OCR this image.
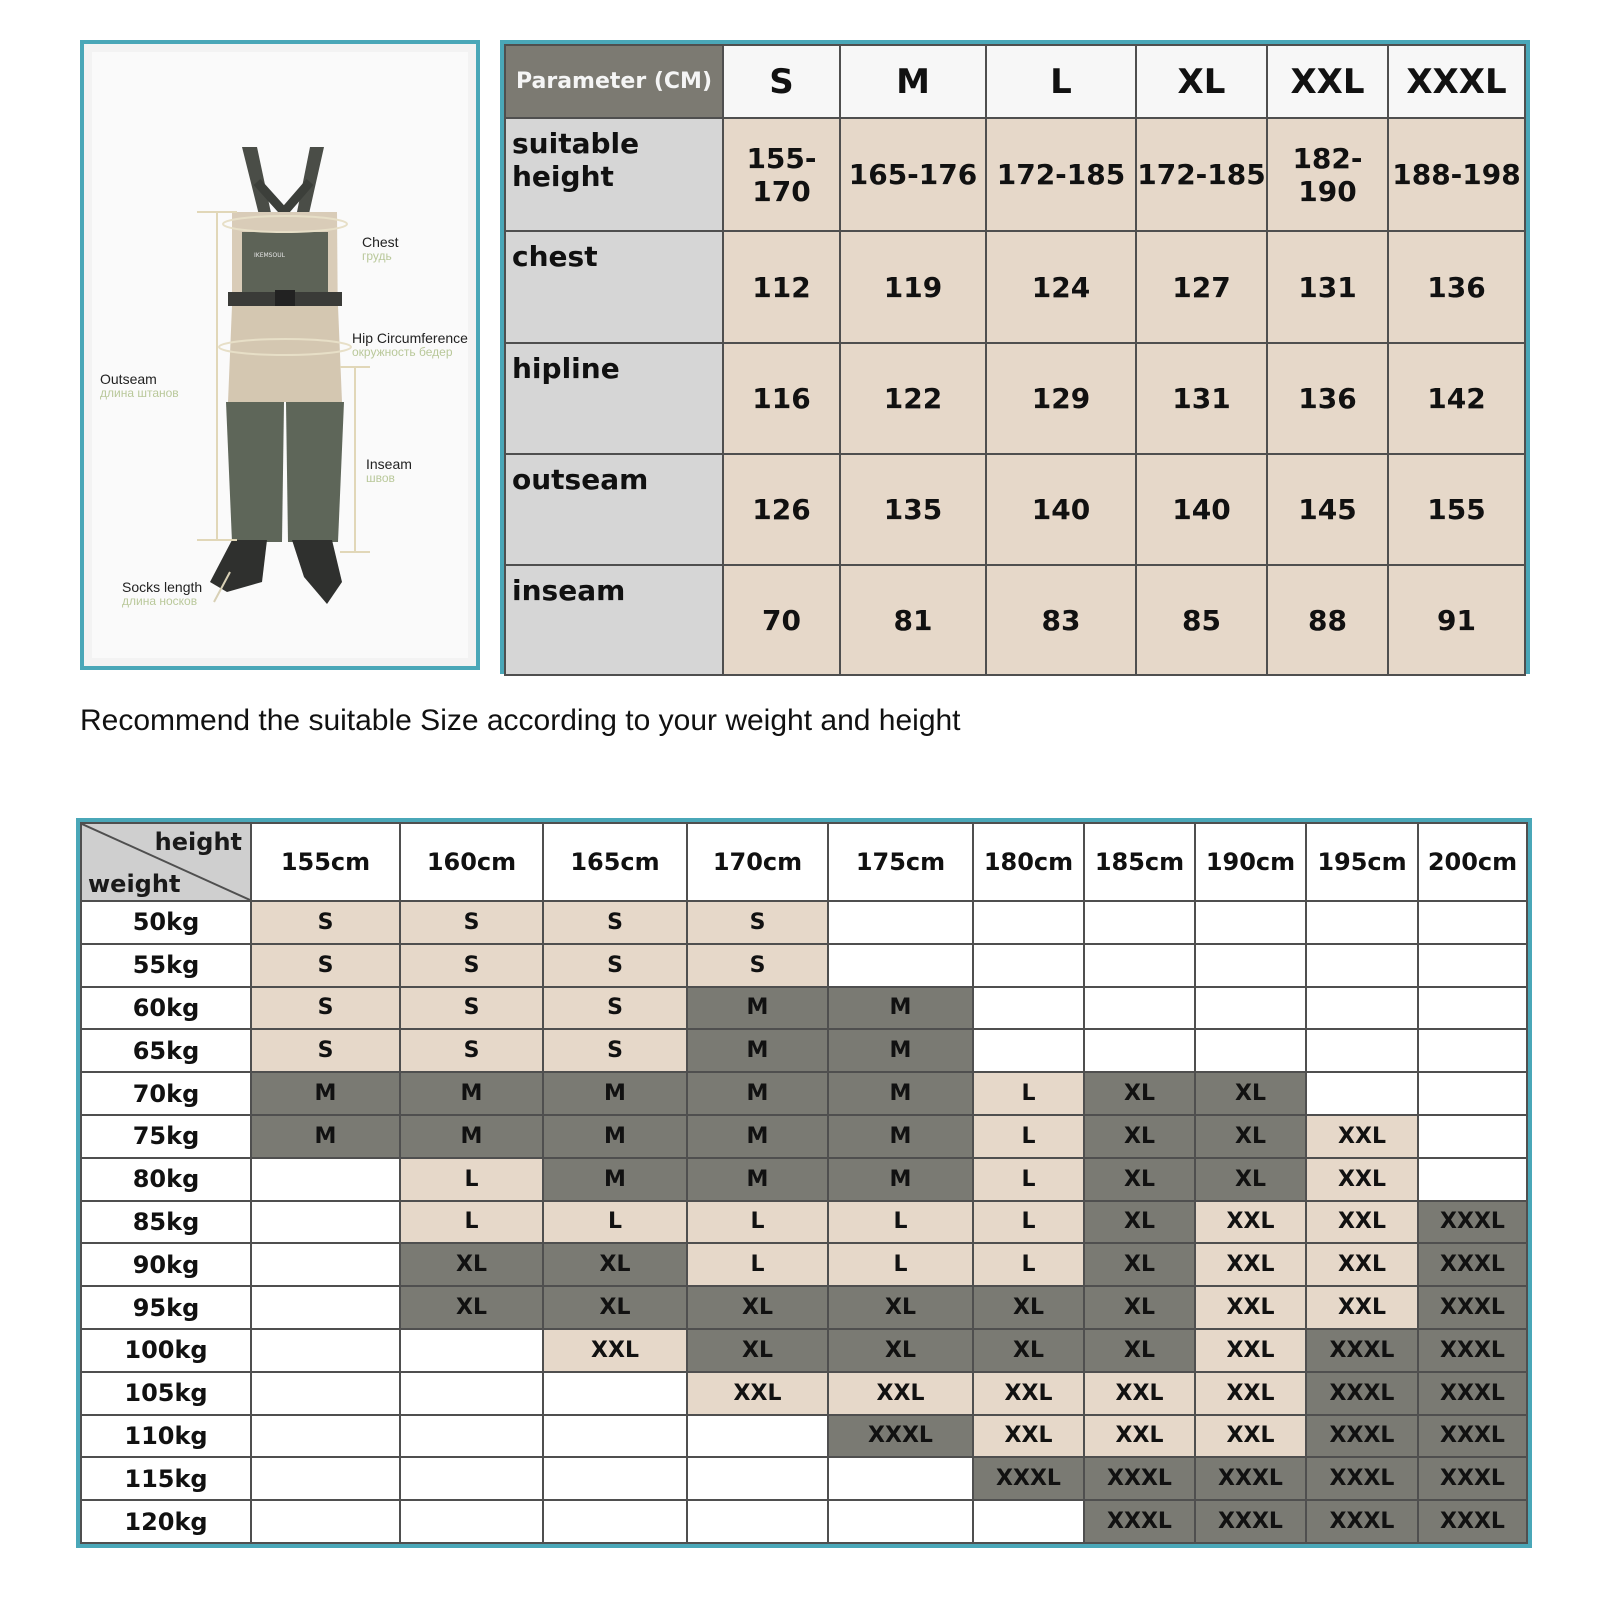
IKEMSOUL
Chest
грудь
Hip Circumference
окружность бедер
Outseam
длина штанов
Inseam
швов
Socks length
длина носков
Parameter (CM)	S	M	L	XL	XXL	XXXL
suitable height	155-170	165-176	172-185	172-185	182-190	188-198
chest	112	119	124	127	131	136
hipline	116	122	129	131	136	142
outseam	126	135	140	140	145	155
inseam	70	81	83	85	88	91
Recommend the suitable Size according to your weight and height
height
weight	155cm	160cm	165cm	170cm	175cm	180cm	185cm	190cm	195cm	200cm
50kg	S	S	S	S						
55kg	S	S	S	S						
60kg	S	S	S	M	M					
65kg	S	S	S	M	M					
70kg	M	M	M	M	M	L	XL	XL		
75kg	M	M	M	M	M	L	XL	XL	XXL	
80kg		L	M	M	M	L	XL	XL	XXL	
85kg		L	L	L	L	L	XL	XXL	XXL	XXXL
90kg		XL	XL	L	L	L	XL	XXL	XXL	XXXL
95kg		XL	XL	XL	XL	XL	XL	XXL	XXL	XXXL
100kg			XXL	XL	XL	XL	XL	XXL	XXXL	XXXL
105kg				XXL	XXL	XXL	XXL	XXL	XXXL	XXXL
110kg					XXXL	XXL	XXL	XXL	XXXL	XXXL
115kg						XXXL	XXXL	XXXL	XXXL	XXXL
120kg							XXXL	XXXL	XXXL	XXXL
